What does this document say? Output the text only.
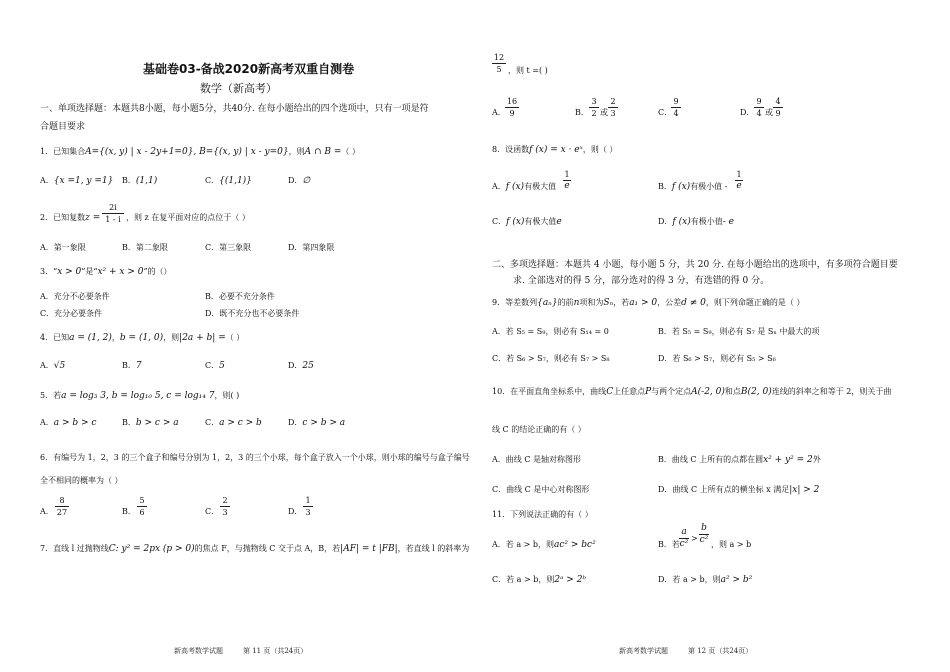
基础卷03-备战2020新高考双重自测卷
数学（新高考）
一、单项选择题：本题共8小题，每小题5分，共40分. 在每小题给出的四个选项中，只有一项是符
合题目要求
1．已知集合A={(x, y) | x - 2y+1=0}, B={(x, y) | x - y=0}，则A ∩ B =（ ）
A．{x =1, y =1} B．(1,1)	C．{(1,1)}	D．∅
2．已知复数z =
2i
1 - i ，则 z 在复平面对应的点位于（ ）
A．第一象限	B．第二象限	C．第三象限	D．第四象限
3．“x > 0”是“x² + x > 0”的（）
A．充分不必要条件	B．必要不充分条件
C．充分必要条件	D．既不充分也不必要条件
4．已知a = (1, 2)，b = (1, 0)，则|2a + b| =（ ）
A．√5	B．7	C．5	D．25
5．若a = log₃ 3, b = log₁₀ 5, c = log₁₄ 7，则( )
A．a > b > c	B．b > c > a	C．a > c > b	D．c > b > a
6．有编号为 1，2，3 的三个盒子和编号分别为 1，2，3 的三个小球，每个盒子放入一个小球，则小球的编号与盒子编号
全不相同的概率为（ ）
A．
8
27	B．
5
6	C．
2
3	D．
1
3
7．直线 l 过抛物线C: y² = 2px (p > 0)的焦点 F，与抛物线 C 交于点 A，B，若|AF| = t |FB|，若直线 l 的斜率为
新高考数学试题	第 11 页（共24页）
12
5 ，则 t =( )
A．
16
9	B．
3
2 或
2
3	C．
9
4	D．
9
4 或
4
9
8．设函数f (x) = x · eˣ，则（ ）
A．f (x)有极大值
1
e	B．f (x)有极小值 -
1
e
C．f (x)有极大值e	D．f (x)有极小值- e
二、多项选择题：本题共 4 小题，每小题 5 分，共 20 分. 在每小题给出的选项中，有多项符合题目要
求. 全部选对的得 5 分，部分选对的得 3 分，有选错的得 0 分。
9．等差数列{aₙ}的前n项和为Sₙ，若a₁ > 0，公差d ≠ 0，则下列命题正确的是（ ）
A．若 S₅ = S₉，则必有 S₁₄ = 0	B．若 S₅ = S₉，则必有 S₇ 是 Sₙ 中最大的项
C．若 S₆ > S₇，则必有 S₇ > S₈	D．若 S₆ > S₇，则必有 S₅ > S₆
10．在平面直角坐标系中，曲线C上任意点P与两个定点A(-2, 0)和点B(2, 0)连线的斜率之和等于 2，则关于曲
线 C 的结论正确的有（ ）
A．曲线 C 是轴对称图形	B．曲线 C 上所有的点都在圆x² + y² = 2外
C．曲线 C 是中心对称图形	D．曲线 C 上所有点的横坐标 x 满足|x| > 2
11．下列说法正确的有（ ）
A．若 a > b，则ac² > bc²	B．若
a
c²
>
b
c² ，则 a > b
C．若 a > b，则2ᵃ > 2ᵇ	D．若 a > b，则a² > b²
新高考数学试题	第 12 页（共24页）
